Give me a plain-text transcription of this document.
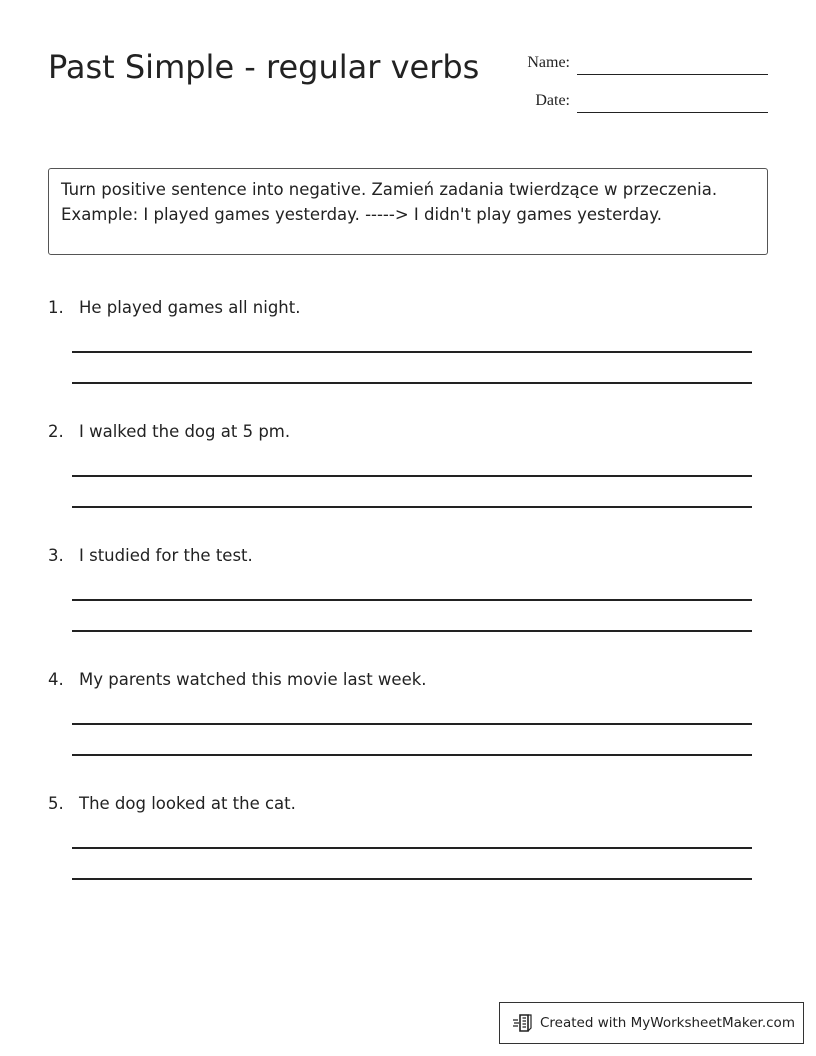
Past Simple - regular verbs	Name:
Date:
Turn positive sentence into negative. Zamień zadania twierdzące w przeczenia. Example: I played games yesterday. -----> I didn't play games yesterday.
1. He played games all night.
2. I walked the dog at 5 pm.
3. I studied for the test.
4. My parents watched this movie last week.
5. The dog looked at the cat.
Created with MyWorksheetMaker.com
